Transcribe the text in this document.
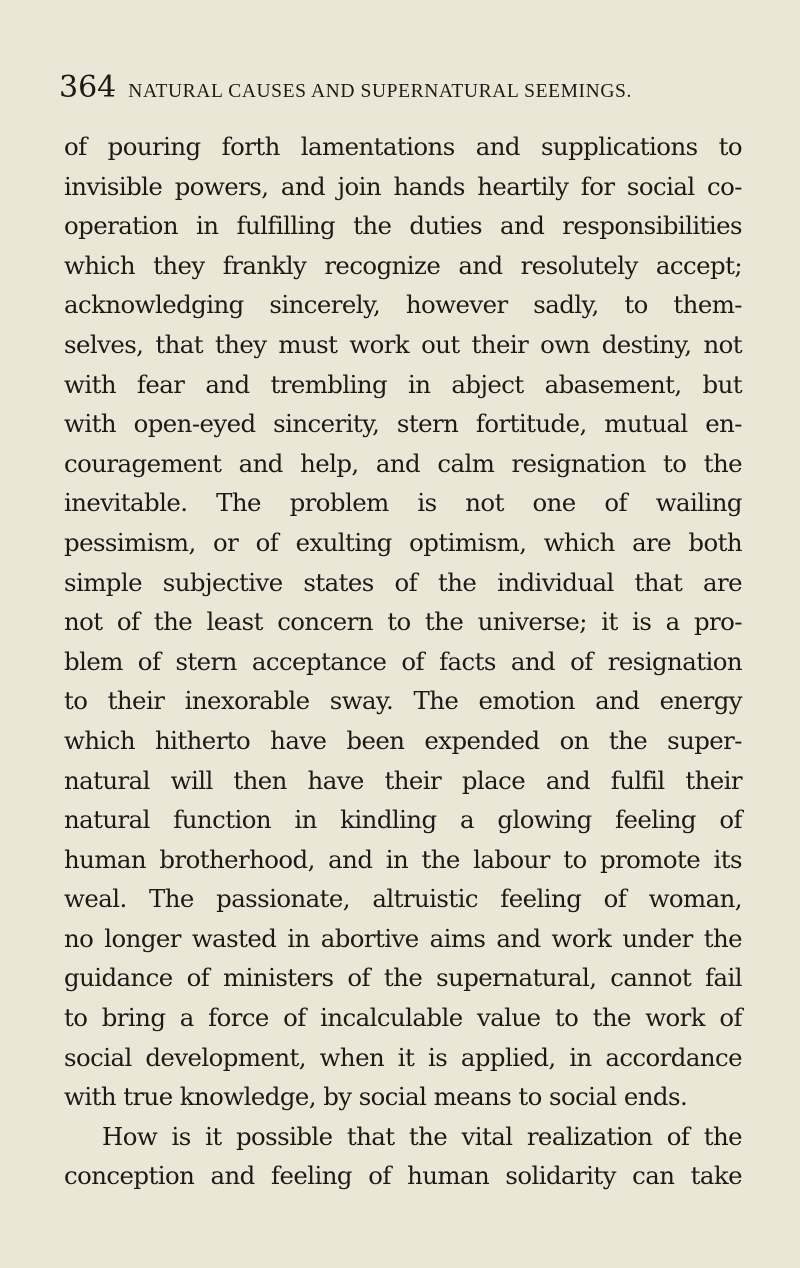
364 NATURAL CAUSES AND SUPERNATURAL SEEMINGS.
of pouring forth lamentations and supplications to
invisible powers, and join hands heartily for social co-
operation in fulfilling the duties and responsibilities
which they frankly recognize and resolutely accept;
acknowledging sincerely, however sadly, to them-
selves, that they must work out their own destiny, not
with fear and trembling in abject abasement, but
with open-eyed sincerity, stern fortitude, mutual en-
couragement and help, and calm resignation to the
inevitable. The problem is not one of wailing
pessimism, or of exulting optimism, which are both
simple subjective states of the individual that are
not of the least concern to the universe; it is a pro-
blem of stern acceptance of facts and of resignation
to their inexorable sway. The emotion and energy
which hitherto have been expended on the super-
natural will then have their place and fulfil their
natural function in kindling a glowing feeling of
human brotherhood, and in the labour to promote its
weal. The passionate, altruistic feeling of woman,
no longer wasted in abortive aims and work under the
guidance of ministers of the supernatural, cannot fail
to bring a force of incalculable value to the work of
social development, when it is applied, in accordance
with true knowledge, by social means to social ends.
How is it possible that the vital realization of the
conception and feeling of human solidarity can take
